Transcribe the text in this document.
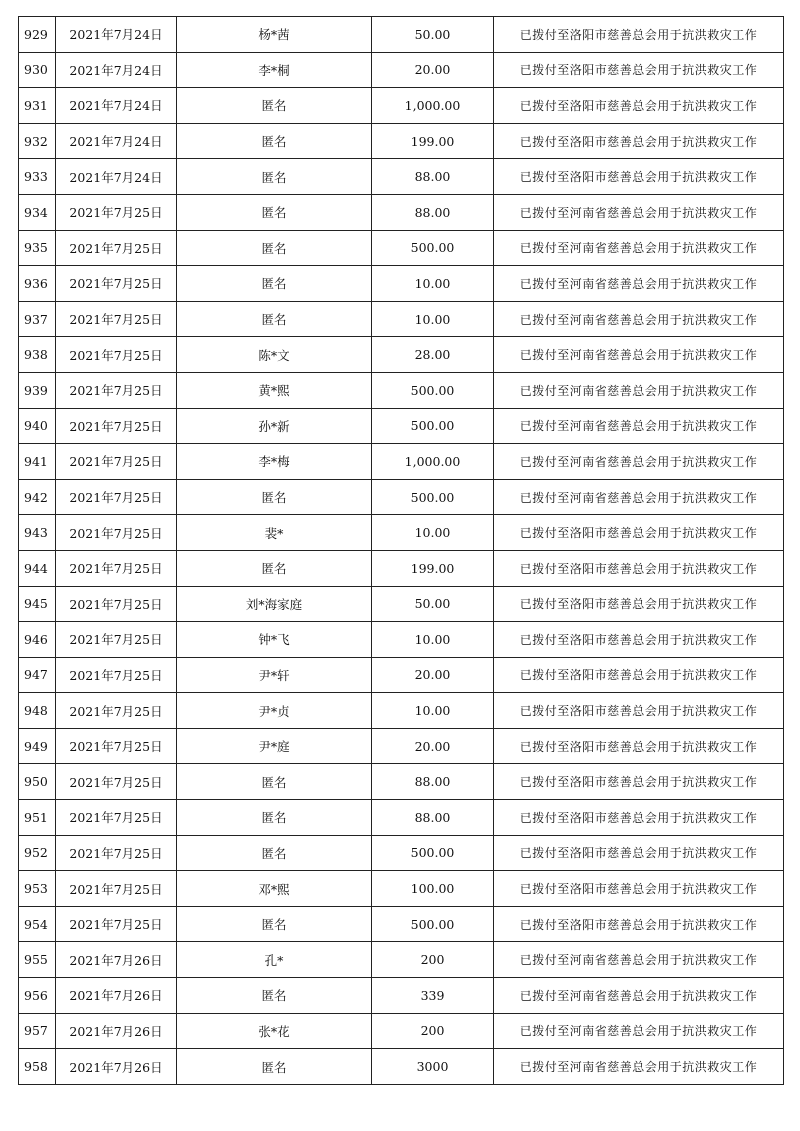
929	2021年7月24日	杨*茜	50.00	已拨付至洛阳市慈善总会用于抗洪救灾工作
930	2021年7月24日	李*桐	20.00	已拨付至洛阳市慈善总会用于抗洪救灾工作
931	2021年7月24日	匿名	1,000.00	已拨付至洛阳市慈善总会用于抗洪救灾工作
932	2021年7月24日	匿名	199.00	已拨付至洛阳市慈善总会用于抗洪救灾工作
933	2021年7月24日	匿名	88.00	已拨付至洛阳市慈善总会用于抗洪救灾工作
934	2021年7月25日	匿名	88.00	已拨付至河南省慈善总会用于抗洪救灾工作
935	2021年7月25日	匿名	500.00	已拨付至河南省慈善总会用于抗洪救灾工作
936	2021年7月25日	匿名	10.00	已拨付至河南省慈善总会用于抗洪救灾工作
937	2021年7月25日	匿名	10.00	已拨付至河南省慈善总会用于抗洪救灾工作
938	2021年7月25日	陈*文	28.00	已拨付至河南省慈善总会用于抗洪救灾工作
939	2021年7月25日	黄*熙	500.00	已拨付至河南省慈善总会用于抗洪救灾工作
940	2021年7月25日	孙*新	500.00	已拨付至河南省慈善总会用于抗洪救灾工作
941	2021年7月25日	李*梅	1,000.00	已拨付至河南省慈善总会用于抗洪救灾工作
942	2021年7月25日	匿名	500.00	已拨付至河南省慈善总会用于抗洪救灾工作
943	2021年7月25日	裴*	10.00	已拨付至洛阳市慈善总会用于抗洪救灾工作
944	2021年7月25日	匿名	199.00	已拨付至洛阳市慈善总会用于抗洪救灾工作
945	2021年7月25日	刘*海家庭	50.00	已拨付至洛阳市慈善总会用于抗洪救灾工作
946	2021年7月25日	钟*飞	10.00	已拨付至洛阳市慈善总会用于抗洪救灾工作
947	2021年7月25日	尹*轩	20.00	已拨付至洛阳市慈善总会用于抗洪救灾工作
948	2021年7月25日	尹*贞	10.00	已拨付至洛阳市慈善总会用于抗洪救灾工作
949	2021年7月25日	尹*庭	20.00	已拨付至洛阳市慈善总会用于抗洪救灾工作
950	2021年7月25日	匿名	88.00	已拨付至洛阳市慈善总会用于抗洪救灾工作
951	2021年7月25日	匿名	88.00	已拨付至洛阳市慈善总会用于抗洪救灾工作
952	2021年7月25日	匿名	500.00	已拨付至洛阳市慈善总会用于抗洪救灾工作
953	2021年7月25日	邓*熙	100.00	已拨付至洛阳市慈善总会用于抗洪救灾工作
954	2021年7月25日	匿名	500.00	已拨付至洛阳市慈善总会用于抗洪救灾工作
955	2021年7月26日	孔*	200	已拨付至河南省慈善总会用于抗洪救灾工作
956	2021年7月26日	匿名	339	已拨付至河南省慈善总会用于抗洪救灾工作
957	2021年7月26日	张*花	200	已拨付至河南省慈善总会用于抗洪救灾工作
958	2021年7月26日	匿名	3000	已拨付至河南省慈善总会用于抗洪救灾工作
